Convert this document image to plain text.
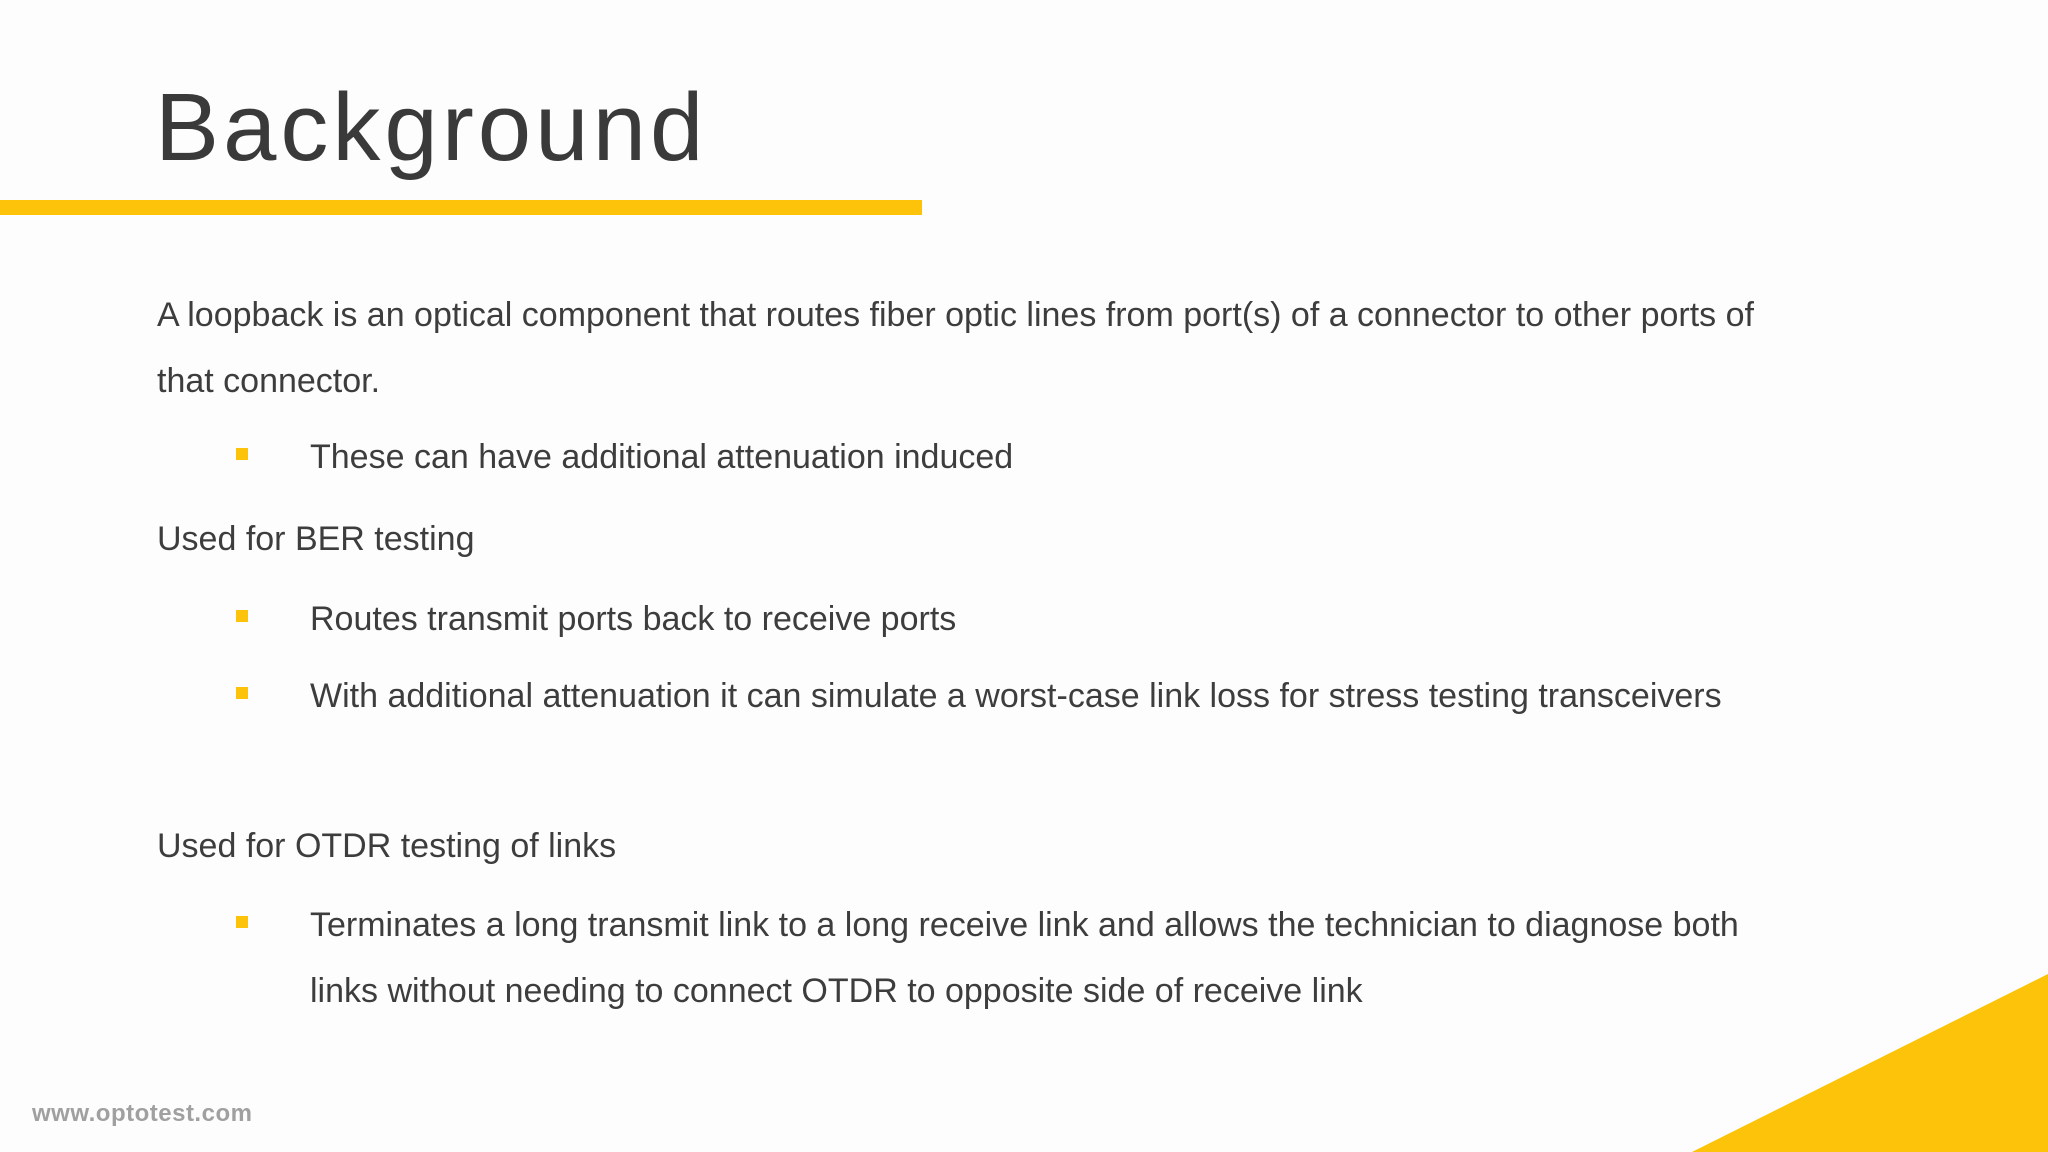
Background

A loopback is an optical component that routes fiber optic lines from port(s) of a connector to other ports of that connector.

These can have additional attenuation induced

Used for BER testing

Routes transmit ports back to receive ports

With additional attenuation it can simulate a worst-case link loss for stress testing transceivers

Used for OTDR testing of links

Terminates a long transmit link to a long receive link and allows the technician to diagnose both links without needing to connect OTDR to opposite side of receive link

www.optotest.com
